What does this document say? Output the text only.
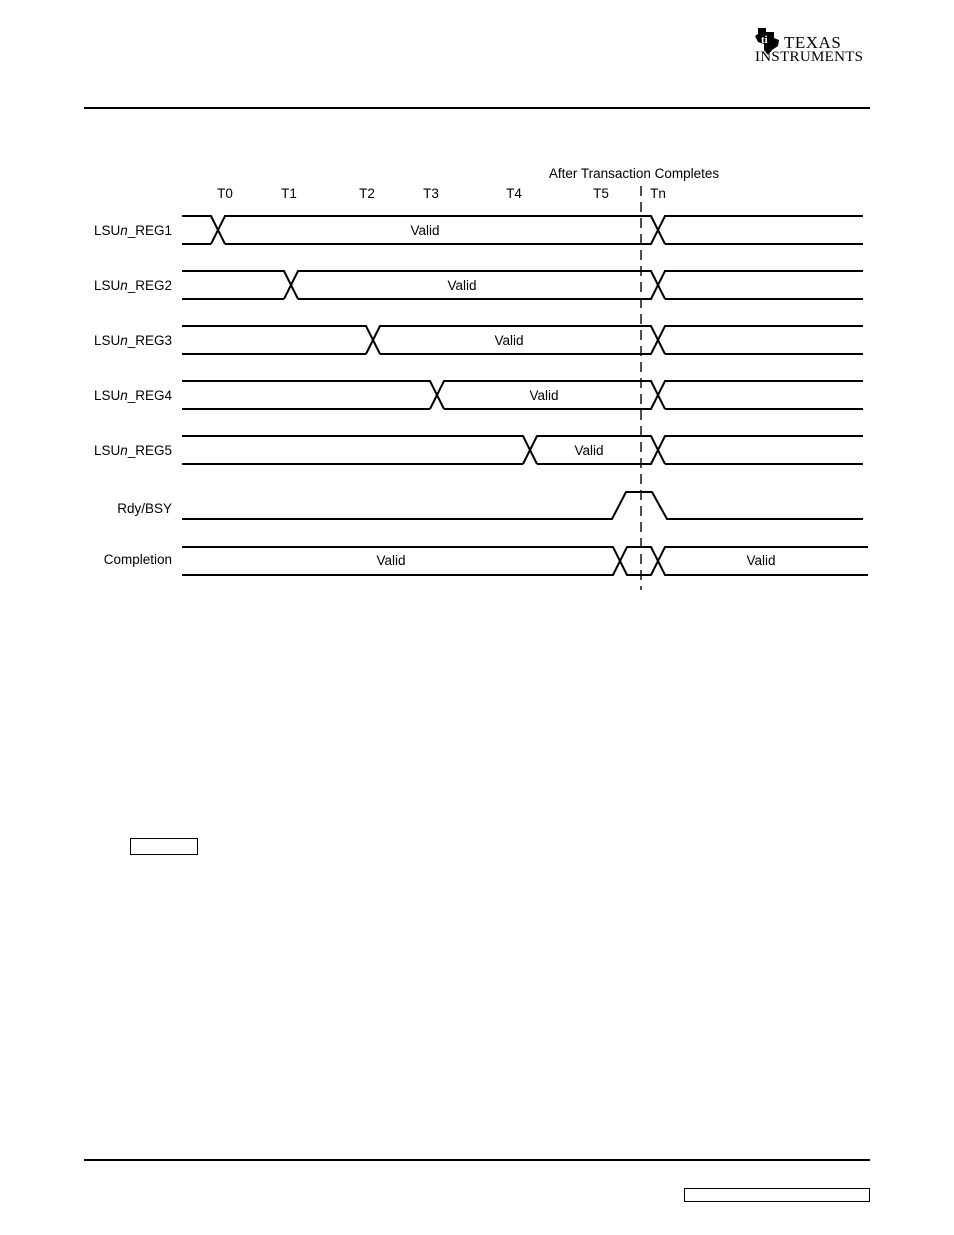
ti TEXAS
INSTRUMENTS
After Transaction Completes
T0	T1	T2	T3	T4	T5	Tn
LSUn_REG1	Valid
LSUn_REG2	Valid
LSUn_REG3	Valid
LSUn_REG4	Valid
LSUn_REG5	Valid
Rdy/BSY
Completion	Valid	Valid
